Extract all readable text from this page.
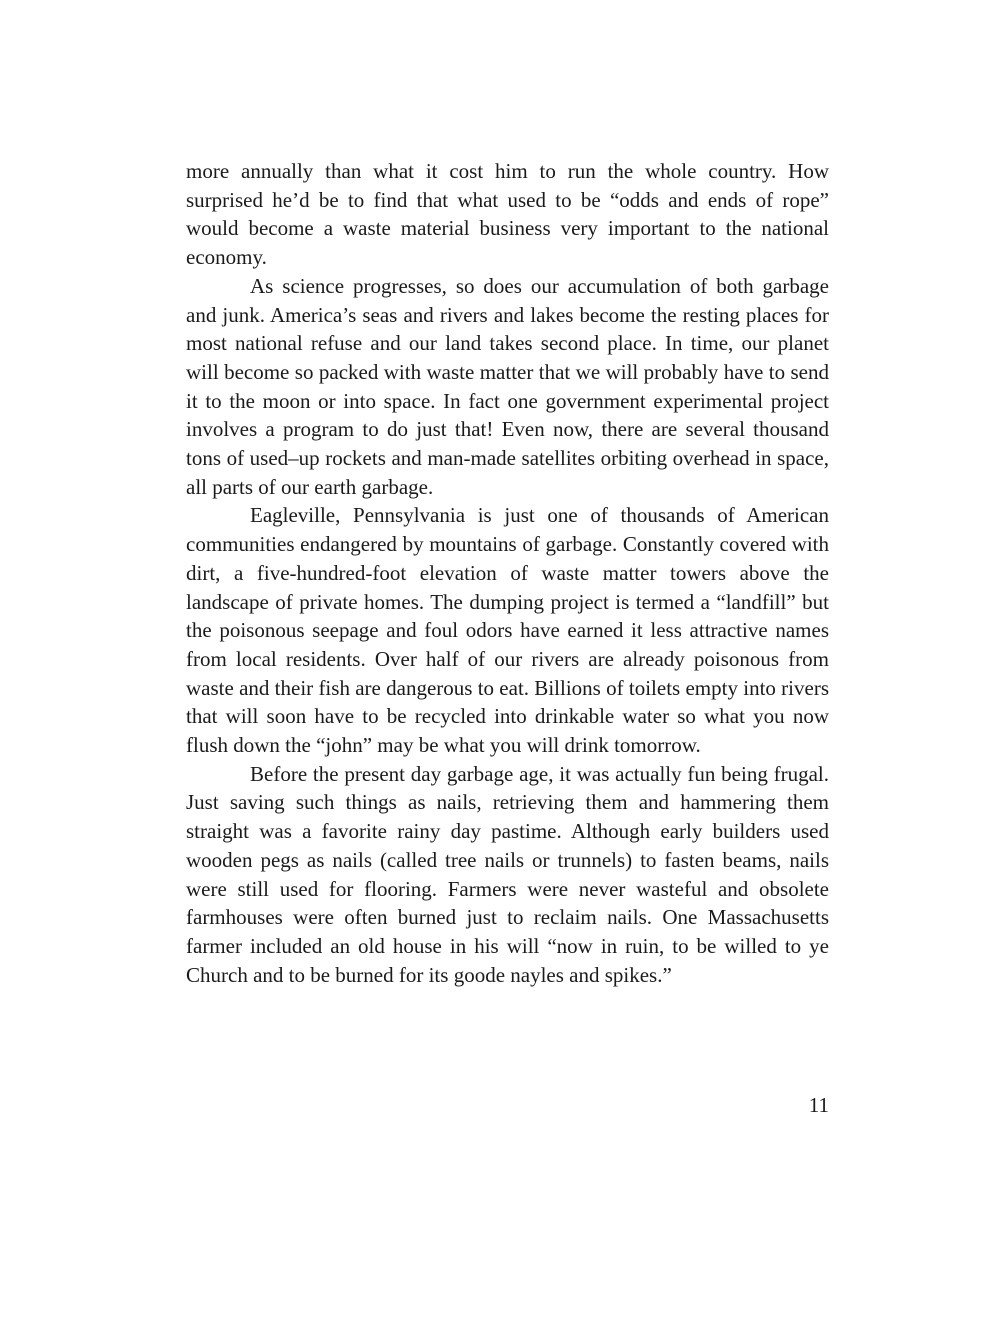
more annually than what it cost him to run the whole country. How surprised he’d be to find that what used to be “odds and ends of rope” would become a waste material business very important to the national economy.

As science progresses, so does our accumulation of both garbage and junk. America’s seas and rivers and lakes become the resting places for most national refuse and our land takes second place. In time, our planet will become so packed with waste matter that we will probably have to send it to the moon or into space. In fact one government experimental project involves a program to do just that! Even now, there are several thousand tons of used–up rockets and man-made satellites orbiting overhead in space, all parts of our earth garbage.

Eagleville, Pennsylvania is just one of thousands of American communities endangered by mountains of garbage. Constantly covered with dirt, a five-hundred-foot elevation of waste matter towers above the landscape of private homes. The dumping project is termed a “landfill” but the poisonous seepage and foul odors have earned it less attractive names from local residents. Over half of our rivers are already poisonous from waste and their fish are dangerous to eat. Billions of toilets empty into rivers that will soon have to be recycled into drinkable water so what you now flush down the “john” may be what you will drink tomorrow.

Before the present day garbage age, it was actually fun being frugal. Just saving such things as nails, retrieving them and hammering them straight was a favorite rainy day pastime. Although early builders used wooden pegs as nails (called tree nails or trunnels) to fasten beams, nails were still used for flooring. Farmers were never wasteful and obsolete farmhouses were often burned just to reclaim nails. One Massachusetts farmer included an old house in his will “now in ruin, to be willed to ye Church and to be burned for its goode nayles and spikes.”

11
